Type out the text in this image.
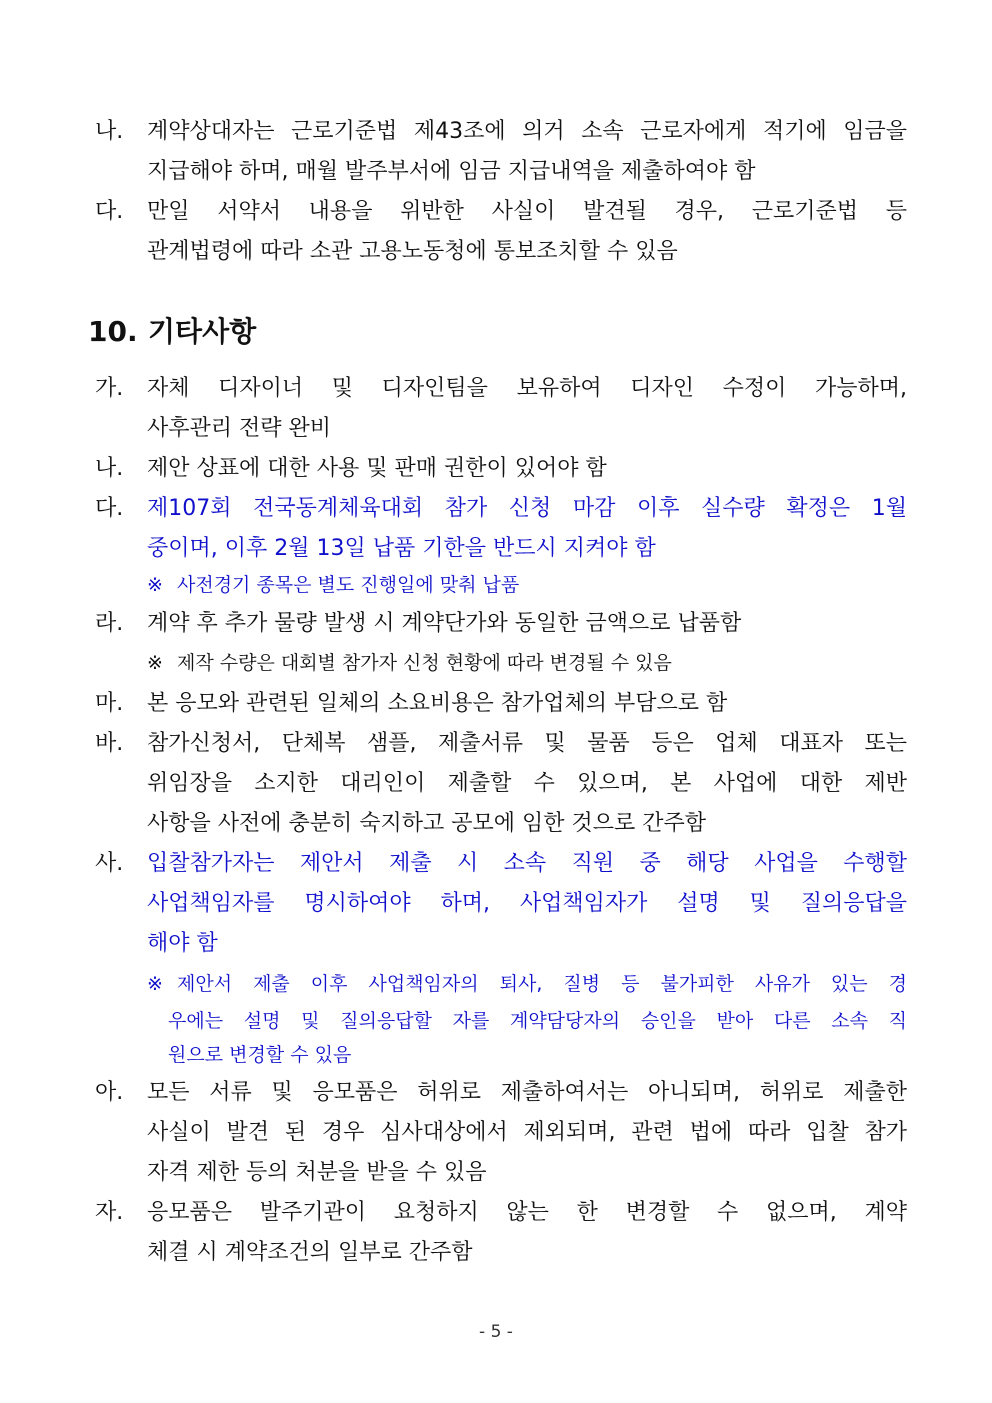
나. 계약상대자는 근로기준법 제43조에 의거 소속 근로자에게 적기에 임금을
지급해야 하며, 매월 발주부서에 임금 지급내역을 제출하여야 함
다. 만일 서약서 내용을 위반한 사실이 발견될 경우, 근로기준법 등
관계법령에 따라 소관 고용노동청에 통보조치할 수 있음
10. 기타사항
가. 자체 디자이너 및 디자인팀을 보유하여 디자인 수정이 가능하며,
사후관리 전략 완비
나. 제안 상표에 대한 사용 및 판매 권한이 있어야 함
다. 제107회 전국동계체육대회 참가 신청 마감 이후 실수량 확정은 1월
중이며, 이후 2월 13일 납품 기한을 반드시 지켜야 함
※ 사전경기 종목은 별도 진행일에 맞춰 납품
라. 계약 후 추가 물량 발생 시 계약단가와 동일한 금액으로 납품함
※ 제작 수량은 대회별 참가자 신청 현황에 따라 변경될 수 있음
마. 본 응모와 관련된 일체의 소요비용은 참가업체의 부담으로 함
바. 참가신청서, 단체복 샘플, 제출서류 및 물품 등은 업체 대표자 또는
위임장을 소지한 대리인이 제출할 수 있으며, 본 사업에 대한 제반
사항을 사전에 충분히 숙지하고 공모에 임한 것으로 간주함
사. 입찰참가자는 제안서 제출 시 소속 직원 중 해당 사업을 수행할
사업책임자를 명시하여야 하며, 사업책임자가 설명 및 질의응답을
해야 함
※ 제안서 제출 이후 사업책임자의 퇴사, 질병 등 불가피한 사유가 있는 경
우에는 설명 및 질의응답할 자를 계약담당자의 승인을 받아 다른 소속 직
원으로 변경할 수 있음
아. 모든 서류 및 응모품은 허위로 제출하여서는 아니되며, 허위로 제출한
사실이 발견 된 경우 심사대상에서 제외되며, 관련 법에 따라 입찰 참가
자격 제한 등의 처분을 받을 수 있음
자. 응모품은 발주기관이 요청하지 않는 한 변경할 수 없으며, 계약
체결 시 계약조건의 일부로 간주함
- 5 -
